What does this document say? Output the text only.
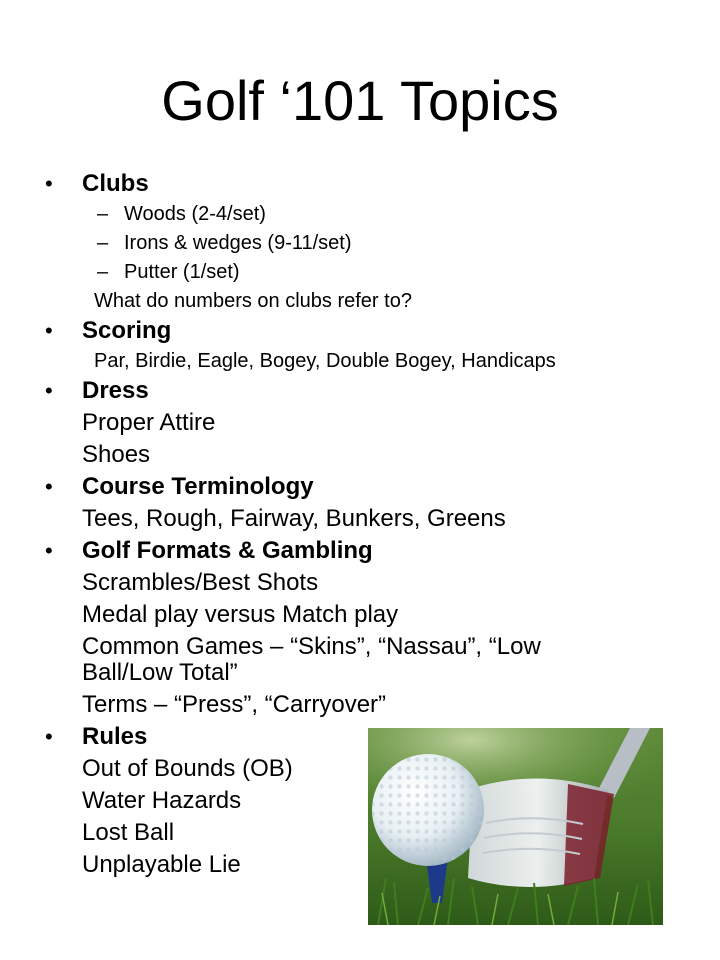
Golf ‘101 Topics
• Clubs
– Woods (2-4/set)
– Irons & wedges (9-11/set)
– Putter (1/set)
What do numbers on clubs refer to?
• Scoring
Par, Birdie, Eagle, Bogey, Double Bogey, Handicaps
• Dress
Proper Attire
Shoes
• Course Terminology
Tees, Rough, Fairway, Bunkers, Greens
• Golf Formats & Gambling
Scrambles/Best Shots
Medal play versus Match play
Common Games – “Skins”, “Nassau”, “Low
Ball/Low Total”
Terms – “Press”, “Carryover”
• Rules
Out of Bounds (OB)
Water Hazards
Lost Ball
Unplayable Lie
